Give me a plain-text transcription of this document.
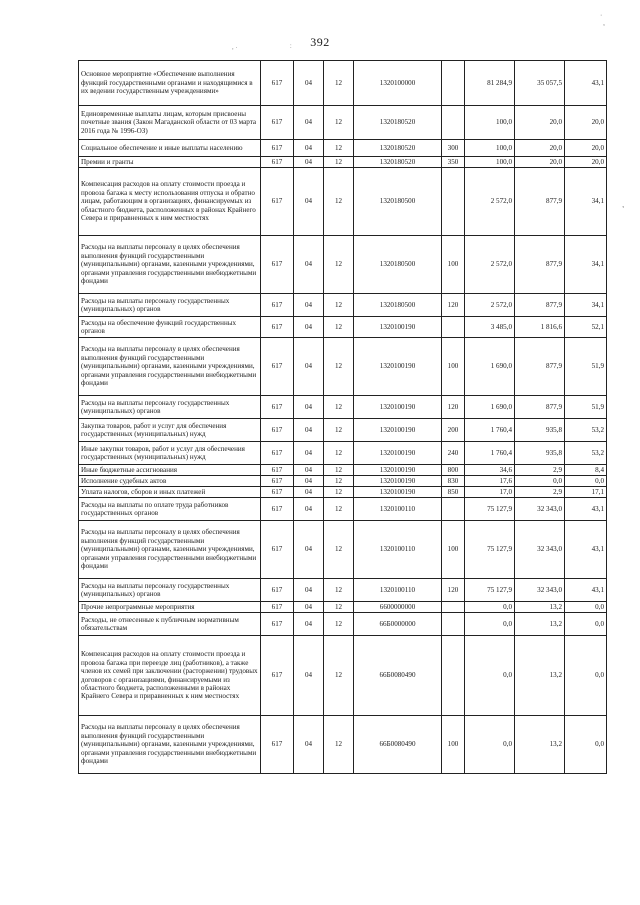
392
, ·	:
·
,
,
Основное мероприятие «Обеспечение выполнения функций государственными органами и находящимися в их ведении государственным учреждениями»	617	04	12	1320100000		81 284,9	35 057,5	43,1
Единовременные выплаты лицам, которым присвоены почетные звания (Закон Магаданской области от 03 марта 2016 года № 1996-ОЗ)	617	04	12	1320180520		100,0	20,0	20,0
Социальное обеспечение и иные выплаты населению	617	04	12	1320180520	300	100,0	20,0	20,0
Премии и гранты	617	04	12	1320180520	350	100,0	20,0	20,0
Компенсация расходов на оплату стоимости проезда и провоза багажа к месту использования отпуска и обратно лицам, работающим в организациях, финансируемых из областного бюджета, расположенных в районах Крайнего Севера и приравненных к ним местностях	617	04	12	1320180500		2 572,0	877,9	34,1
Расходы на выплаты персоналу в целях обеспечения выполнения функций государственными (муниципальными) органами, казенными учреждениями, органами управления государственными внебюджетными фондами	617	04	12	1320180500	100	2 572,0	877,9	34,1
Расходы на выплаты персоналу государственных (муниципальных) органов	617	04	12	1320180500	120	2 572,0	877,9	34,1
Расходы на обеспечение функций государственных органов	617	04	12	1320100190		3 485,0	1 816,6	52,1
Расходы на выплаты персоналу в целях обеспечения выполнения функций государственными (муниципальными) органами, казенными учреждениями, органами управления государственными внебюджетными фондами	617	04	12	1320100190	100	1 690,0	877,9	51,9
Расходы на выплаты персоналу государственных (муниципальных) органов	617	04	12	1320100190	120	1 690,0	877,9	51,9
Закупка товаров, работ и услуг для обеспечения государственных (муниципальных) нужд	617	04	12	1320100190	200	1 760,4	935,8	53,2
Иные закупки товаров, работ и услуг для обеспечения государственных (муниципальных) нужд	617	04	12	1320100190	240	1 760,4	935,8	53,2
Иные бюджетные ассигнования	617	04	12	1320100190	800	34,6	2,9	8,4
Исполнение судебных актов	617	04	12	1320100190	830	17,6	0,0	0,0
Уплата налогов, сборов и иных платежей	617	04	12	1320100190	850	17,0	2,9	17,1
Расходы на выплаты по оплате труда работников государственных органов	617	04	12	1320100110		75 127,9	32 343,0	43,1
Расходы на выплаты персоналу в целях обеспечения выполнения функций государственными (муниципальными) органами, казенными учреждениями, органами управления государственными внебюджетными фондами	617	04	12	1320100110	100	75 127,9	32 343,0	43,1
Расходы на выплаты персоналу государственных (муниципальных) органов	617	04	12	1320100110	120	75 127,9	32 343,0	43,1
Прочие непрограммные мероприятия	617	04	12	6600000000		0,0	13,2	0,0
Расходы, не отнесенные к публичным нормативным обязательствам	617	04	12	66Б0000000		0,0	13,2	0,0
Компенсация расходов на оплату стоимости проезда и провоза багажа при переезде лиц (работников), а также членов их семей при заключении (расторжении) трудовых договоров с организациями, финансируемыми из областного бюджета, расположенными в районах Крайнего Севера и приравненных к ним местностях	617	04	12	66Б0080490		0,0	13,2	0,0
Расходы на выплаты персоналу в целях обеспечения выполнения функций государственными (муниципальными) органами, казенными учреждениями, органами управления государственными внебюджетными фондами	617	04	12	66Б0080490	100	0,0	13,2	0,0
